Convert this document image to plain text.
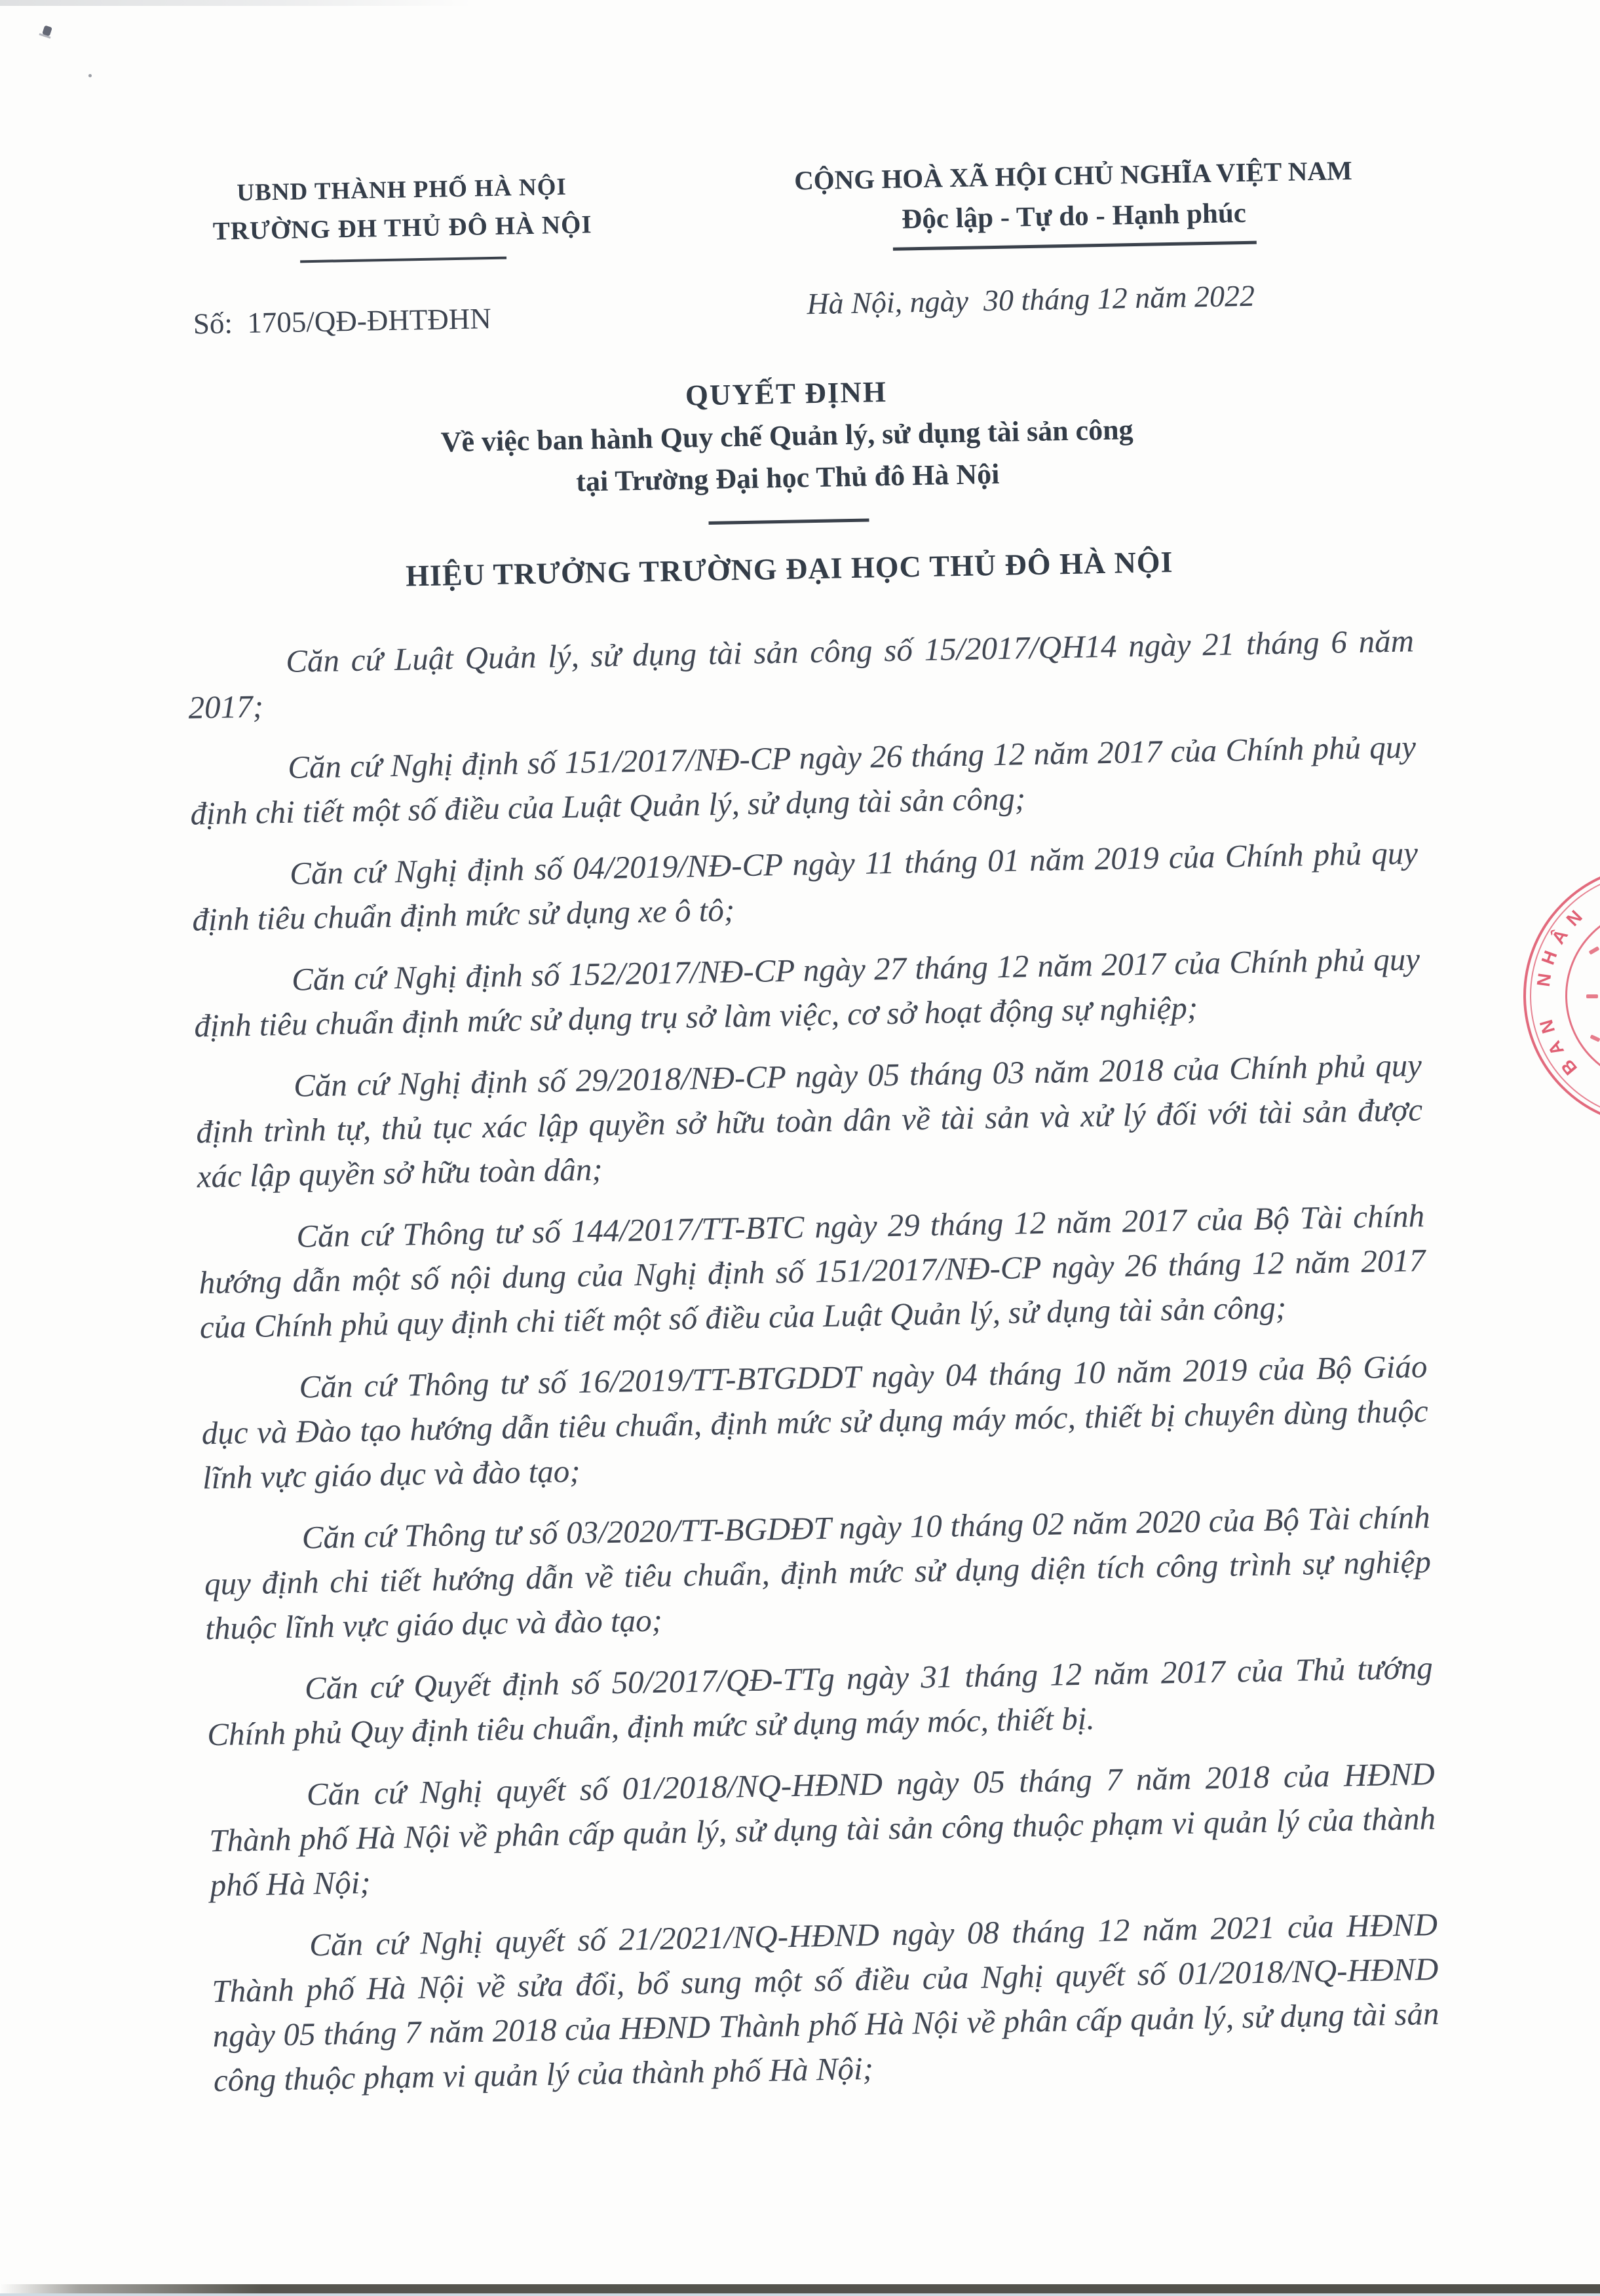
UBND THÀNH PHỐ HÀ NỘI
TRƯỜNG ĐH THỦ ĐÔ HÀ NỘI
CỘNG HOÀ XÃ HỘI CHỦ NGHĨA VIỆT NAM
Độc lập - Tự do - Hạnh phúc
Số:  1705/QĐ-ĐHTĐHN
Hà Nội, ngày  30 tháng 12 năm 2022
QUYẾT ĐỊNH
Về việc ban hành Quy chế Quản lý, sử dụng tài sản công
tại Trường Đại học Thủ đô Hà Nội

HIỆU TRƯỞNG TRƯỜNG ĐẠI HỌC THỦ ĐÔ HÀ NỘI

Căn cứ Luật Quản lý, sử dụng tài sản công số 15/2017/QH14 ngày 21 tháng 6 năm 2017;

Căn cứ Nghị định số 151/2017/NĐ-CP ngày 26 tháng 12 năm 2017 của Chính phủ quy định chi tiết một số điều của Luật Quản lý, sử dụng tài sản công;

Căn cứ Nghị định số 04/2019/NĐ-CP ngày 11 tháng 01 năm 2019 của Chính phủ quy định tiêu chuẩn định mức sử dụng xe ô tô;

Căn cứ Nghị định số 152/2017/NĐ-CP ngày 27 tháng 12 năm 2017 của Chính phủ quy định tiêu chuẩn định mức sử dụng trụ sở làm việc, cơ sở hoạt động sự nghiệp;

Căn cứ Nghị định số 29/2018/NĐ-CP ngày 05 tháng 03 năm 2018 của Chính phủ quy định trình tự, thủ tục xác lập quyền sở hữu toàn dân về tài sản và xử lý đối với tài sản được xác lập quyền sở hữu toàn dân;

Căn cứ Thông tư số 144/2017/TT-BTC ngày 29 tháng 12 năm 2017 của Bộ Tài chính hướng dẫn một số nội dung của Nghị định số 151/2017/NĐ-CP ngày 26 tháng 12 năm 2017 của Chính phủ quy định chi tiết một số điều của Luật Quản lý, sử dụng tài sản công;

Căn cứ Thông tư số 16/2019/TT-BTGDDT ngày 04 tháng 10 năm 2019 của Bộ Giáo dục và Đào tạo hướng dẫn tiêu chuẩn, định mức sử dụng máy móc, thiết bị chuyên dùng thuộc lĩnh vực giáo dục và đào tạo;

Căn cứ Thông tư số 03/2020/TT-BGDĐT ngày 10 tháng 02 năm 2020 của Bộ Tài chính quy định chi tiết hướng dẫn về tiêu chuẩn, định mức sử dụng diện tích công trình sự nghiệp thuộc lĩnh vực giáo dục và đào tạo;

Căn cứ Quyết định số 50/2017/QĐ-TTg ngày 31 tháng 12 năm 2017 của Thủ tướng Chính phủ Quy định tiêu chuẩn, định mức sử dụng máy móc, thiết bị.

Căn cứ Nghị quyết số 01/2018/NQ-HĐND ngày 05 tháng 7 năm 2018 của HĐND Thành phố Hà Nội về phân cấp quản lý, sử dụng tài sản công thuộc phạm vi quản lý của thành phố Hà Nội;

Căn cứ Nghị quyết số 21/2021/NQ-HĐND ngày 08 tháng 12 năm 2021 của HĐND Thành phố Hà Nội về sửa đổi, bổ sung một số điều của Nghị quyết số 01/2018/NQ-HĐND ngày 05 tháng 7 năm 2018 của HĐND Thành phố Hà Nội về phân cấp quản lý, sử dụng tài sản công thuộc phạm vi quản lý của thành phố Hà Nội;

B
A
N
N
H
Â
N
